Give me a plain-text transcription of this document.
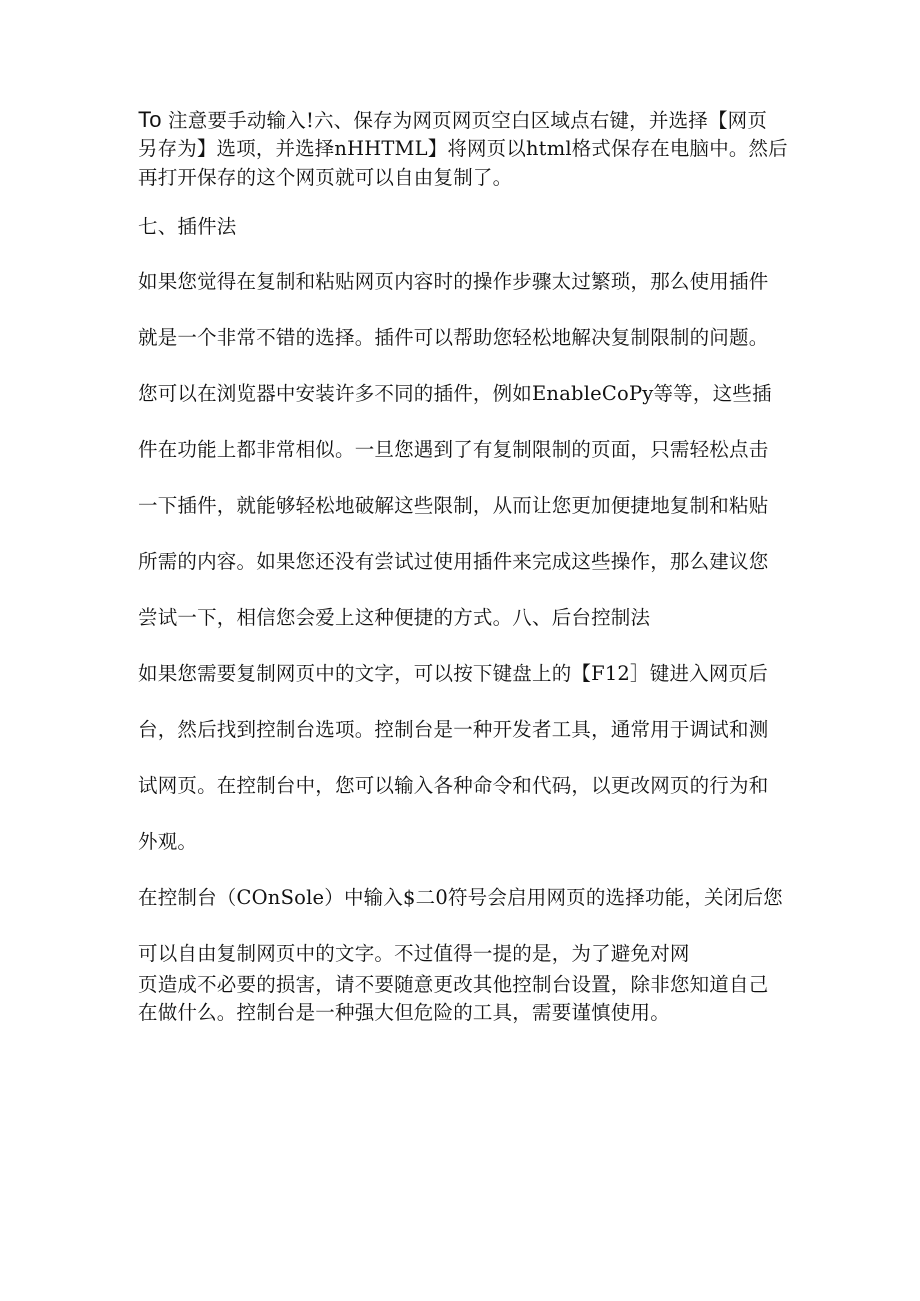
To 注意要手动输入!六、保存为网页网页空白区域点右键，并选择【网页
另存为】选项，并选择nHHTML】将网页以html格式保存在电脑中。然后
再打开保存的这个网页就可以自由复制了。
七、插件法
如果您觉得在复制和粘贴网页内容时的操作步骤太过繁琐，那么使用插件
就是一个非常不错的选择。插件可以帮助您轻松地解决复制限制的问题。
您可以在浏览器中安装许多不同的插件，例如EnableCoPy等等，这些插
件在功能上都非常相似。一旦您遇到了有复制限制的页面，只需轻松点击
一下插件，就能够轻松地破解这些限制，从而让您更加便捷地复制和粘贴
所需的内容。如果您还没有尝试过使用插件来完成这些操作，那么建议您
尝试一下，相信您会爱上这种便捷的方式。八、后台控制法
如果您需要复制网页中的文字，可以按下键盘上的【F12］键进入网页后
台，然后找到控制台选项。控制台是一种开发者工具，通常用于调试和测
试网页。在控制台中，您可以输入各种命令和代码，以更改网页的行为和
外观。
在控制台（COnSole）中输入$二0符号会启用网页的选择功能，关闭后您
可以自由复制网页中的文字。不过值得一提的是，为了避免对网
页造成不必要的损害，请不要随意更改其他控制台设置，除非您知道自己
在做什么。控制台是一种强大但危险的工具，需要谨慎使用。
